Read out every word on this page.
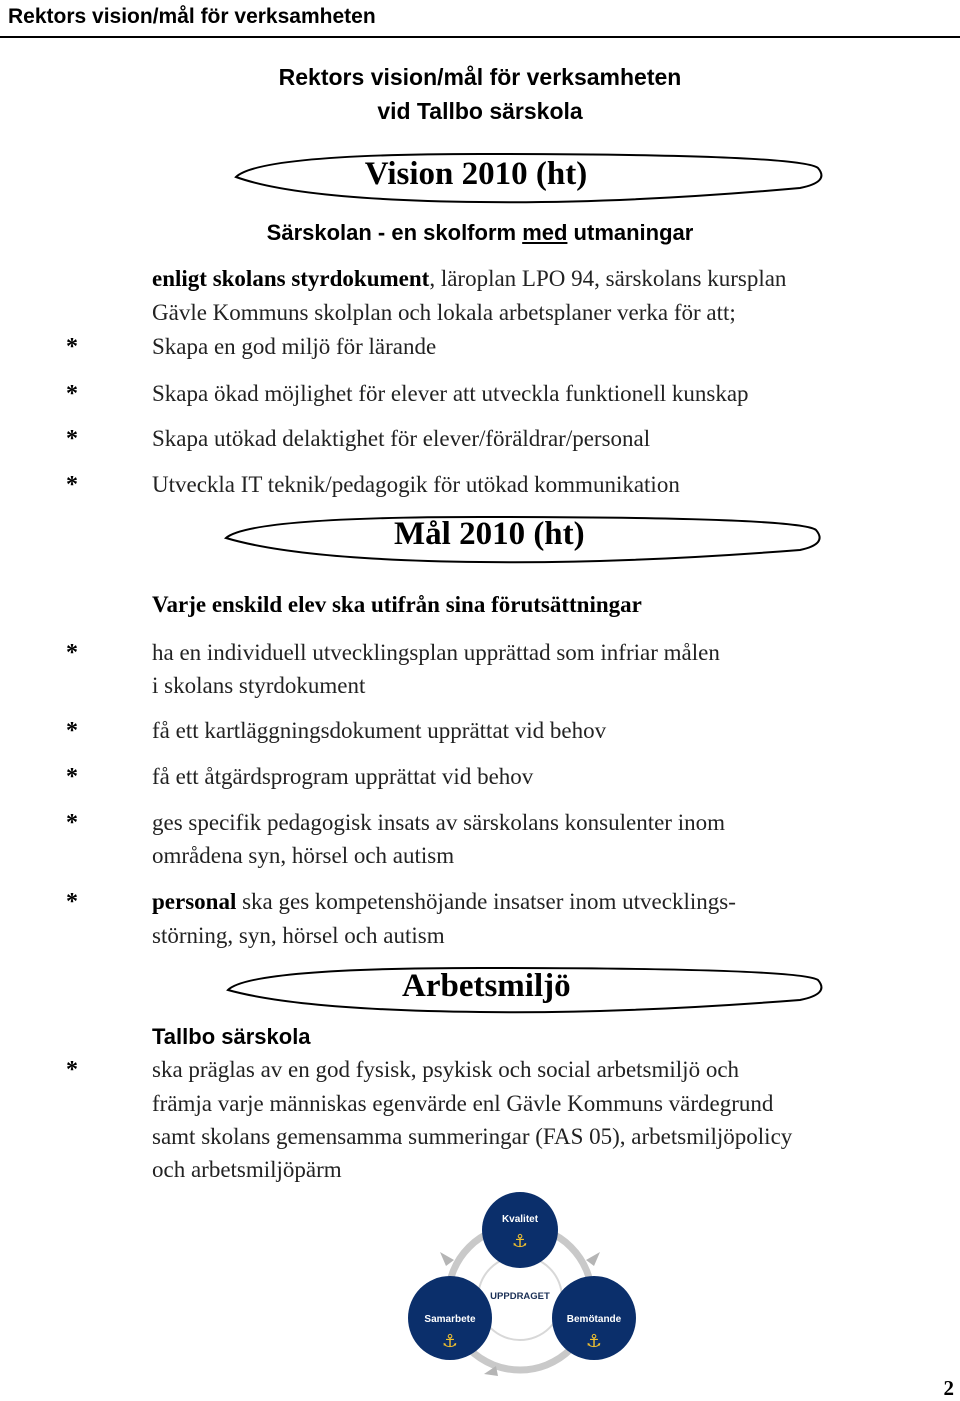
Rektors vision/mål för verksamheten
Rektors vision/mål för verksamheten
vid Tallbo särskola
Vision 2010 (ht)
Särskolan - en skolform med utmaningar
enligt skolans styrdokument, läroplan LPO 94, särskolans kursplan
Gävle Kommuns skolplan och lokala arbetsplaner verka för att;
*	Skapa en god miljö för lärande
*	Skapa ökad möjlighet för elever att utveckla funktionell kunskap
*	Skapa utökad delaktighet för elever/föräldrar/personal
*	Utveckla IT teknik/pedagogik för utökad kommunikation
Mål 2010 (ht)
Varje enskild elev ska utifrån sina förutsättningar
*	ha en individuell utvecklingsplan upprättad som infriar målen
i skolans styrdokument
*	få ett kartläggningsdokument upprättat vid behov
*	få ett åtgärdsprogram upprättat vid behov
*	ges specifik pedagogisk insats av särskolans konsulenter inom
områdena syn, hörsel och autism
*	personal ska ges kompetenshöjande insatser inom utvecklings-
störning, syn, hörsel och autism
Arbetsmiljö
Tallbo särskola
*	ska präglas av en god fysisk, psykisk och social arbetsmiljö och
främja varje människas egenvärde enl Gävle Kommuns värdegrund
samt skolans gemensamma summeringar (FAS 05), arbetsmiljöpolicy
och arbetsmiljöpärm
UPPDRAGET
Kvalitet
⚓
Samarbete
⚓
Bemötande
⚓
2
